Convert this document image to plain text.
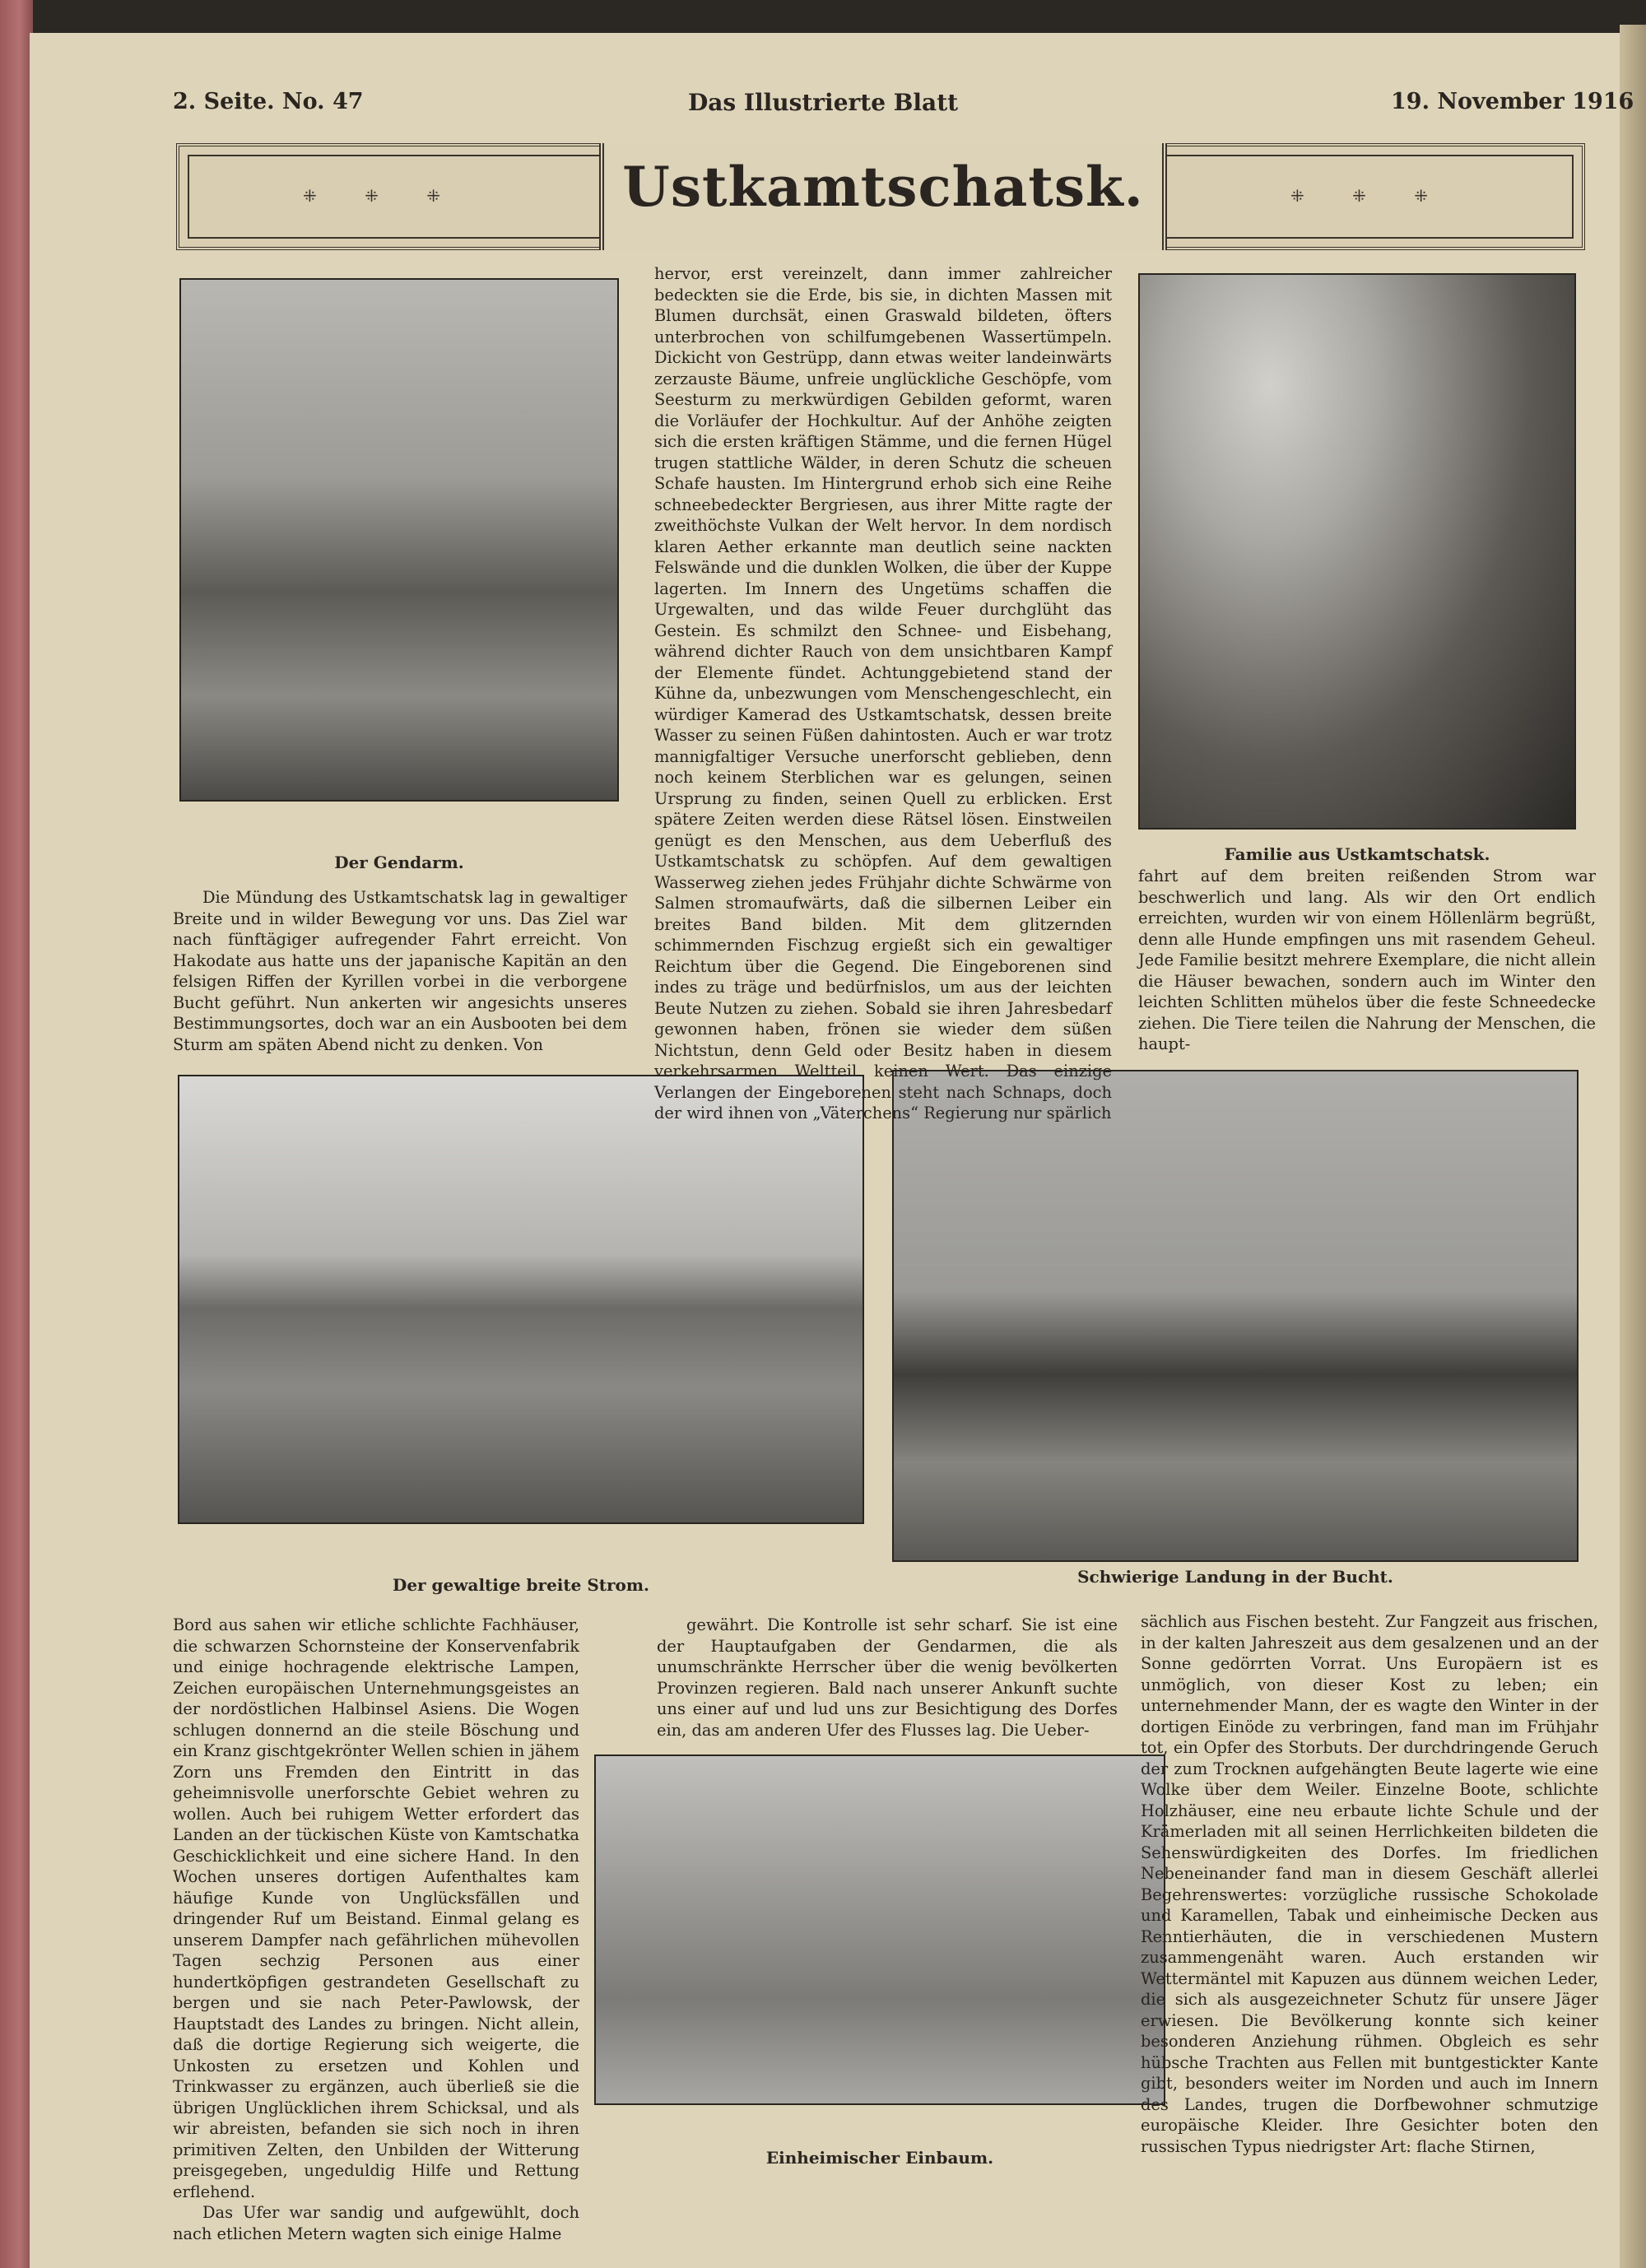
2. Seite. No. 47	Das Illustrierte Blatt	19. November 1916
⁜ ⁜ ⁜	Ustkamtschatsk.	⁜ ⁜ ⁜
Der Gendarm.	Familie aus Ustkamtschatsk.
Der gewaltige breite Strom.	Schwierige Landung in der Bucht.
Einheimischer Einbaum.

Die Mündung des Ustkamtschatsk lag in gewaltiger Breite und in wilder Bewegung vor uns. Das Ziel war nach fünftägiger aufregender Fahrt erreicht. Von Hakodate aus hatte uns der japanische Kapitän an den felsigen Riffen der Kyrillen vorbei in die verborgene Bucht geführt. Nun ankerten wir angesichts unseres Bestimmungsortes, doch war an ein Ausbooten bei dem Sturm am späten Abend nicht zu denken. Von

hervor, erst vereinzelt, dann immer zahlreicher bedeckten sie die Erde, bis sie, in dichten Massen mit Blumen durchsät, einen Graswald bildeten, öfters unterbrochen von schilfumgebenen Wassertümpeln. Dickicht von Gestrüpp, dann etwas weiter landeinwärts zerzauste Bäume, unfreie unglückliche Geschöpfe, vom Seesturm zu merkwürdigen Gebilden geformt, waren die Vorläufer der Hochkultur. Auf der Anhöhe zeigten sich die ersten kräftigen Stämme, und die fernen Hügel trugen stattliche Wälder, in deren Schutz die scheuen Schafe hausten. Im Hintergrund erhob sich eine Reihe schneebedeckter Bergriesen, aus ihrer Mitte ragte der zweithöchste Vulkan der Welt hervor. In dem nordisch klaren Aether erkannte man deutlich seine nackten Felswände und die dunklen Wolken, die über der Kuppe lagerten. Im Innern des Ungetüms schaffen die Urgewalten, und das wilde Feuer durchglüht das Gestein. Es schmilzt den Schnee- und Eisbehang, während dichter Rauch von dem unsichtbaren Kampf der Elemente fündet. Achtunggebietend stand der Kühne da, unbezwungen vom Menschengeschlecht, ein würdiger Kamerad des Ustkamtschatsk, dessen breite Wasser zu seinen Füßen dahintosten. Auch er war trotz mannigfaltiger Versuche unerforscht geblieben, denn noch keinem Sterblichen war es gelungen, seinen Ursprung zu finden, seinen Quell zu erblicken. Erst spätere Zeiten werden diese Rätsel lösen. Einstweilen genügt es den Menschen, aus dem Ueberfluß des Ustkamtschatsk zu schöpfen. Auf dem gewaltigen Wasserweg ziehen jedes Frühjahr dichte Schwärme von Salmen stromaufwärts, daß die silbernen Leiber ein breites Band bilden. Mit dem glitzernden schimmernden Fischzug ergießt sich ein gewaltiger Reichtum über die Gegend. Die Eingeborenen sind indes zu träge und bedürfnislos, um aus der leichten Beute Nutzen zu ziehen. Sobald sie ihren Jahresbedarf gewonnen haben, frönen sie wieder dem süßen Nichtstun, denn Geld oder Besitz haben in diesem verkehrsarmen Weltteil keinen Wert. Das einzige Verlangen der Eingeborenen steht nach Schnaps, doch der wird ihnen von „Väterchens“ Regierung nur spärlich

fahrt auf dem breiten reißenden Strom war beschwerlich und lang. Als wir den Ort endlich erreichten, wurden wir von einem Höllenlärm begrüßt, denn alle Hunde empfingen uns mit rasendem Geheul. Jede Familie besitzt mehrere Exemplare, die nicht allein die Häuser bewachen, sondern auch im Winter den leichten Schlitten mühelos über die feste Schneedecke ziehen. Die Tiere teilen die Nahrung der Menschen, die haupt-

Bord aus sahen wir etliche schlichte Fachhäuser, die schwarzen Schornsteine der Konservenfabrik und einige hochragende elektrische Lampen, Zeichen europäischen Unternehmungsgeistes an der nordöstlichen Halbinsel Asiens. Die Wogen schlugen donnernd an die steile Böschung und ein Kranz gischtgekrönter Wellen schien in jähem Zorn uns Fremden den Eintritt in das geheimnisvolle unerforschte Gebiet wehren zu wollen. Auch bei ruhigem Wetter erfordert das Landen an der tückischen Küste von Kamtschatka Geschicklichkeit und eine sichere Hand. In den Wochen unseres dortigen Aufenthaltes kam häufige Kunde von Unglücksfällen und dringender Ruf um Beistand. Einmal gelang es unserem Dampfer nach gefährlichen mühevollen Tagen sechzig Personen aus einer hundertköpfigen gestrandeten Gesellschaft zu bergen und sie nach Peter-Pawlowsk, der Hauptstadt des Landes zu bringen. Nicht allein, daß die dortige Regierung sich weigerte, die Unkosten zu ersetzen und Kohlen und Trinkwasser zu ergänzen, auch überließ sie die übrigen Unglücklichen ihrem Schicksal, und als wir abreisten, befanden sie sich noch in ihren primitiven Zelten, den Unbilden der Witterung preisgegeben, ungeduldig Hilfe und Rettung erflehend.

Das Ufer war sandig und aufgewühlt, doch nach etlichen Metern wagten sich einige Halme

gewährt. Die Kontrolle ist sehr scharf. Sie ist eine der Hauptaufgaben der Gendarmen, die als unumschränkte Herrscher über die wenig bevölkerten Provinzen regieren. Bald nach unserer Ankunft suchte uns einer auf und lud uns zur Besichtigung des Dorfes ein, das am anderen Ufer des Flusses lag. Die Ueber-

sächlich aus Fischen besteht. Zur Fangzeit aus frischen, in der kalten Jahreszeit aus dem gesalzenen und an der Sonne gedörrten Vorrat. Uns Europäern ist es unmöglich, von dieser Kost zu leben; ein unternehmender Mann, der es wagte den Winter in der dortigen Einöde zu verbringen, fand man im Frühjahr tot, ein Opfer des Storbuts. Der durchdringende Geruch der zum Trocknen aufgehängten Beute lagerte wie eine Wolke über dem Weiler. Einzelne Boote, schlichte Holzhäuser, eine neu erbaute lichte Schule und der Krämerladen mit all seinen Herrlichkeiten bildeten die Sehenswürdigkeiten des Dorfes. Im friedlichen Nebeneinander fand man in diesem Geschäft allerlei Begehrenswertes: vorzügliche russische Schokolade und Karamellen, Tabak und einheimische Decken aus Renntierhäuten, die in verschiedenen Mustern zusammengenäht waren. Auch erstanden wir Wettermäntel mit Kapuzen aus dünnem weichen Leder, die sich als ausgezeichneter Schutz für unsere Jäger erwiesen. Die Bevölkerung konnte sich keiner besonderen Anziehung rühmen. Obgleich es sehr hübsche Trachten aus Fellen mit buntgestickter Kante gibt, besonders weiter im Norden und auch im Innern des Landes, trugen die Dorfbewohner schmutzige europäische Kleider. Ihre Gesichter boten den russischen Typus niedrigster Art: flache Stirnen,
